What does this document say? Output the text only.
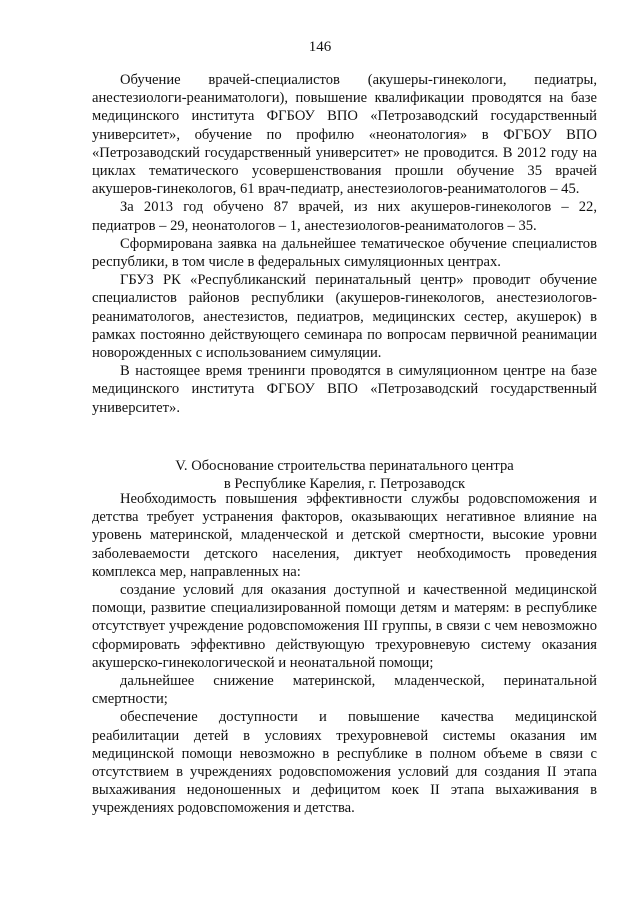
146

Обучение врачей-специалистов (акушеры-гинекологи, педиатры, анестезиологи-реаниматологи), повышение квалификации проводятся на базе медицинского института ФГБОУ ВПО «Петрозаводский государственный университет», обучение по профилю «неонатология» в ФГБОУ ВПО «Петрозаводский государственный университет» не проводится. В 2012 году на циклах тематического усовершенствования прошли обучение 35 врачей акушеров-гинекологов, 61 врач-педиатр, анестезиологов-реаниматологов – 45.

За 2013 год обучено 87 врачей, из них акушеров-гинекологов – 22, педиатров – 29, неонатологов – 1, анестезиологов-реаниматологов – 35.

Сформирована заявка на дальнейшее тематическое обучение специалистов республики, в том числе в федеральных симуляционных центрах.

ГБУЗ РК «Республиканский перинатальный центр» проводит обучение специалистов районов республики (акушеров-гинекологов, анестезиологов-реаниматологов, анестезистов, педиатров, медицинских сестер, акушерок) в рамках постоянно действующего семинара по вопросам первичной реанимации новорожденных с использованием симуляции.

В настоящее время тренинги проводятся в симуляционном центре на базе медицинского института ФГБОУ ВПО «Петрозаводский государственный университет».

V. Обоснование строительства перинатального центра
в Республике Карелия, г. Петрозаводск

Необходимость повышения эффективности службы родовспоможения и детства требует устранения факторов, оказывающих негативное влияние на уровень материнской, младенческой и детской смертности, высокие уровни заболеваемости детского населения, диктует необходимость проведения комплекса мер, направленных на:

создание условий для оказания доступной и качественной медицинской помощи, развитие специализированной помощи детям и матерям: в республике отсутствует учреждение родовспоможения III группы, в связи с чем невозможно сформировать эффективно действующую трехуровневую систему оказания акушерско-гинекологической и неонатальной помощи;

дальнейшее снижение материнской, младенческой, перинатальной смертности;

обеспечение доступности и повышение качества медицинской реабилитации детей в условиях трехуровневой системы оказания им медицинской помощи невозможно в республике в полном объеме в связи с отсутствием в учреждениях родовспоможения условий для создания II этапа выхаживания недоношенных и дефицитом коек II этапа выхаживания в учреждениях родовспоможения и детства.
